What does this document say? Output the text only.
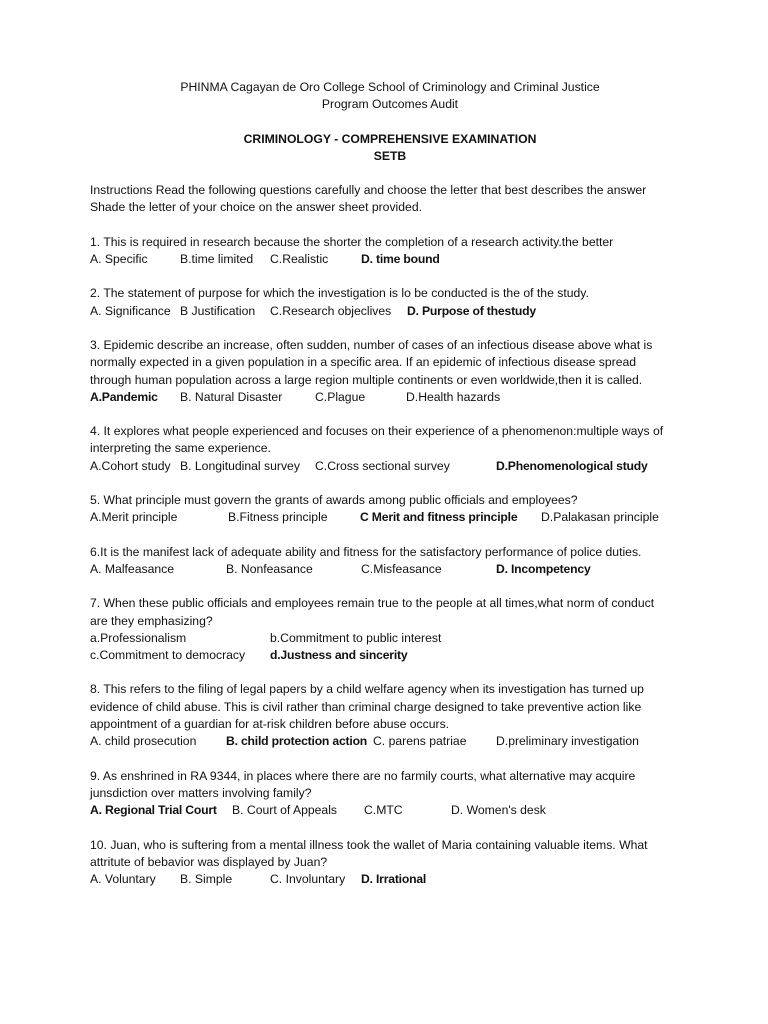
PHINMA Cagayan de Oro College School of Criminology and Criminal Justice
Program Outcomes Audit
CRIMINOLOGY - COMPREHENSIVE EXAMINATION
SETB
Instructions Read the following questions carefully and choose the letter that best describes the answer
Shade the letter of your choice on the answer sheet provided.
1. This is required in research because the shorter the completion of a research activity.the better
A. Specific	B.time limited C.Realistic	D. time bound
2. The statement of purpose for which the investigation is lo be conducted is the of the study.
A. Significance B Justification C.Research objeclives D. Purpose of thestudy
3. Epidemic describe an increase, often sudden, number of cases of an infectious disease above what is
normally expected in a given population in a specific area. If an epidemic of infectious disease spread
through human population across a large region multiple continents or even worldwide,then it is called.
A.Pandemic B. Natural Disaster	C.Plague	D.Health hazards
4. It explores what people experienced and focuses on their experience of a phenomenon:multiple ways of
interpreting the same experience.
A.Cohort study B. Longitudinal survey C.Cross sectional survey	D.Phenomenological study
5. What principle must govern the grants of awards among public officials and employees?
A.Merit principle	B.Fitness principle	C Merit and fitness principle D.Palakasan principle
6.It is the manifest lack of adequate ability and fitness for the satisfactory performance of police duties.
A. Malfeasance	B. Nonfeasance	C.Misfeasance	D. Incompetency
7. When these public officials and employees remain true to the people at all times,what norm of conduct
are they emphasizing?
a.Professionalism	b.Commitment to public interest
c.Commitment to democracy d.Justness and sincerity
8. This refers to the filing of legal papers by a child welfare agency when its investigation has turned up
evidence of child abuse. This is civil rather than criminal charge designed to take preventive action like
appointment of a guardian for at-risk children before abuse occurs.
A. child prosecution B. child protection action C. parens patriae D.preliminary investigation
9. As enshrined in RA 9344, in places where there are no farmily courts, what alternative may acquire
junsdiction over matters involving family?
A. Regional Trial Court B. Court of Appeals C.MTC	D. Women's desk
10. Juan, who is suftering from a mental illness took the wallet of Maria containing valuable items. What
attritute of bebavior was displayed by Juan?
A. Voluntary B. Simple	C. Involuntary D. Irrational
